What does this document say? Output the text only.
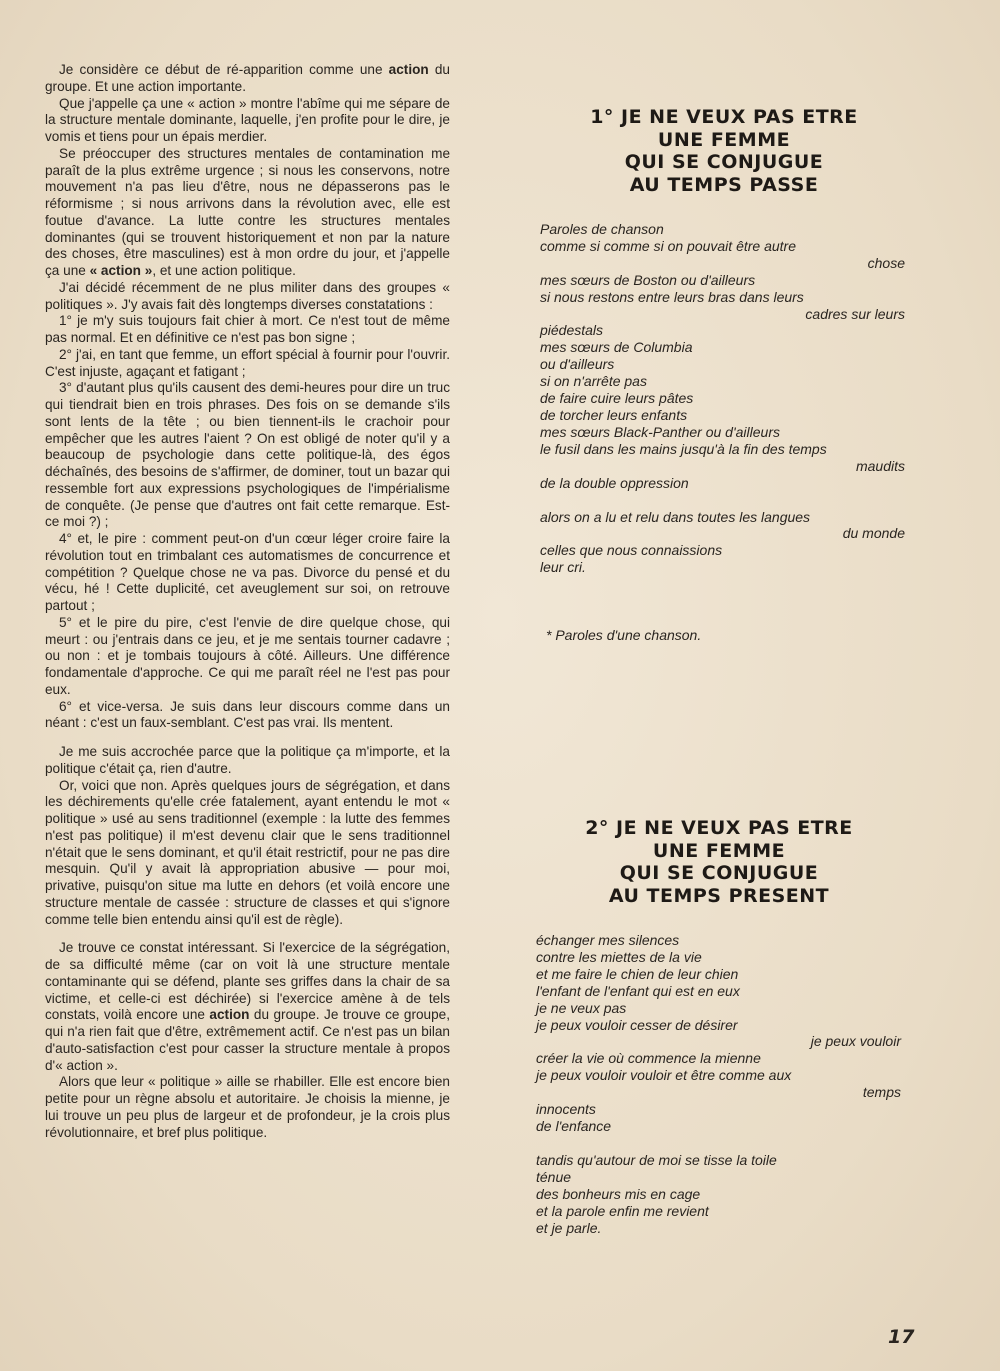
Je considère ce début de ré-apparition comme une action du groupe. Et une action importante.

Que j'appelle ça une « action » montre l'abîme qui me sépare de la structure mentale dominante, laquelle, j'en profite pour le dire, je vomis et tiens pour un épais merdier.

Se préoccuper des structures mentales de contamination me paraît de la plus extrême urgence ; si nous les conservons, notre mouvement n'a pas lieu d'être, nous ne dépasserons pas le réformisme ; si nous arrivons dans la révolution avec, elle est foutue d'avance. La lutte contre les structures mentales dominantes (qui se trouvent historiquement et non par la nature des choses, être masculines) est à mon ordre du jour, et j'appelle ça une « action », et une action politique.

J'ai décidé récemment de ne plus militer dans des groupes « politiques ». J'y avais fait dès longtemps diverses constatations :

1° je m'y suis toujours fait chier à mort. Ce n'est tout de même pas normal. Et en définitive ce n'est pas bon signe ;

2° j'ai, en tant que femme, un effort spécial à fournir pour l'ouvrir. C'est injuste, agaçant et fatigant ;

3° d'autant plus qu'ils causent des demi-heures pour dire un truc qui tiendrait bien en trois phrases. Des fois on se demande s'ils sont lents de la tête ; ou bien tiennent-ils le crachoir pour empêcher que les autres l'aient ? On est obligé de noter qu'il y a beaucoup de psychologie dans cette politique-là, des égos déchaînés, des besoins de s'affirmer, de dominer, tout un bazar qui ressemble fort aux expressions psychologiques de l'impérialisme de conquête. (Je pense que d'autres ont fait cette remarque. Est-ce moi ?) ;

4° et, le pire : comment peut-on d'un cœur léger croire faire la révolution tout en trimbalant ces automatismes de concurrence et compétition ? Quelque chose ne va pas. Divorce du pensé et du vécu, hé ! Cette duplicité, cet aveuglement sur soi, on retrouve partout ;

5° et le pire du pire, c'est l'envie de dire quelque chose, qui meurt : ou j'entrais dans ce jeu, et je me sentais tourner cadavre ; ou non : et je tombais toujours à côté. Ailleurs. Une différence fondamentale d'approche. Ce qui me paraît réel ne l'est pas pour eux.

6° et vice-versa. Je suis dans leur discours comme dans un néant : c'est un faux-semblant. C'est pas vrai. Ils mentent.

Je me suis accrochée parce que la politique ça m'importe, et la politique c'était ça, rien d'autre.

Or, voici que non. Après quelques jours de ségrégation, et dans les déchirements qu'elle crée fatalement, ayant entendu le mot « politique » usé au sens traditionnel (exemple : la lutte des femmes n'est pas politique) il m'est devenu clair que le sens traditionnel n'était que le sens dominant, et qu'il était restrictif, pour ne pas dire mesquin. Qu'il y avait là appropriation abusive — pour moi, privative, puisqu'on situe ma lutte en dehors (et voilà encore une structure mentale de cassée : structure de classes et qui s'ignore comme telle bien entendu ainsi qu'il est de règle).

Je trouve ce constat intéressant. Si l'exercice de la ségrégation, de sa difficulté même (car on voit là une structure mentale contaminante qui se défend, plante ses griffes dans la chair de sa victime, et celle-ci est déchirée) si l'exercice amène à de tels constats, voilà encore une action du groupe. Je trouve ce groupe, qui n'a rien fait que d'être, extrêmement actif. Ce n'est pas un bilan d'auto-satisfaction c'est pour casser la structure mentale à propos d'« action ».

Alors que leur « politique » aille se rhabiller. Elle est encore bien petite pour un règne absolu et autoritaire. Je choisis la mienne, je lui trouve un peu plus de largeur et de profondeur, je la crois plus révolutionnaire, et bref plus politique.

1° JE NE VEUX PAS ETRE
UNE FEMME
QUI SE CONJUGUE
AU TEMPS PASSE
Paroles de chanson
comme si comme si on pouvait être autre
chose
mes sœurs de Boston ou d'ailleurs
si nous restons entre leurs bras dans leurs
cadres sur leurs
piédestals
mes sœurs de Columbia
ou d'ailleurs
si on n'arrête pas
de faire cuire leurs pâtes
de torcher leurs enfants
mes sœurs Black-Panther ou d'ailleurs
le fusil dans les mains jusqu'à la fin des temps
maudits
de la double oppression
alors on a lu et relu dans toutes les langues
du monde
celles que nous connaissions
leur cri.
* Paroles d'une chanson.
2° JE NE VEUX PAS ETRE
UNE FEMME
QUI SE CONJUGUE
AU TEMPS PRESENT
échanger mes silences
contre les miettes de la vie
et me faire le chien de leur chien
l'enfant de l'enfant qui est en eux
je ne veux pas
je peux vouloir cesser de désirer
je peux vouloir
créer la vie où commence la mienne
je peux vouloir vouloir et être comme aux
temps
innocents
de l'enfance
tandis qu'autour de moi se tisse la toile
ténue
des bonheurs mis en cage
et la parole enfin me revient
et je parle.
17
